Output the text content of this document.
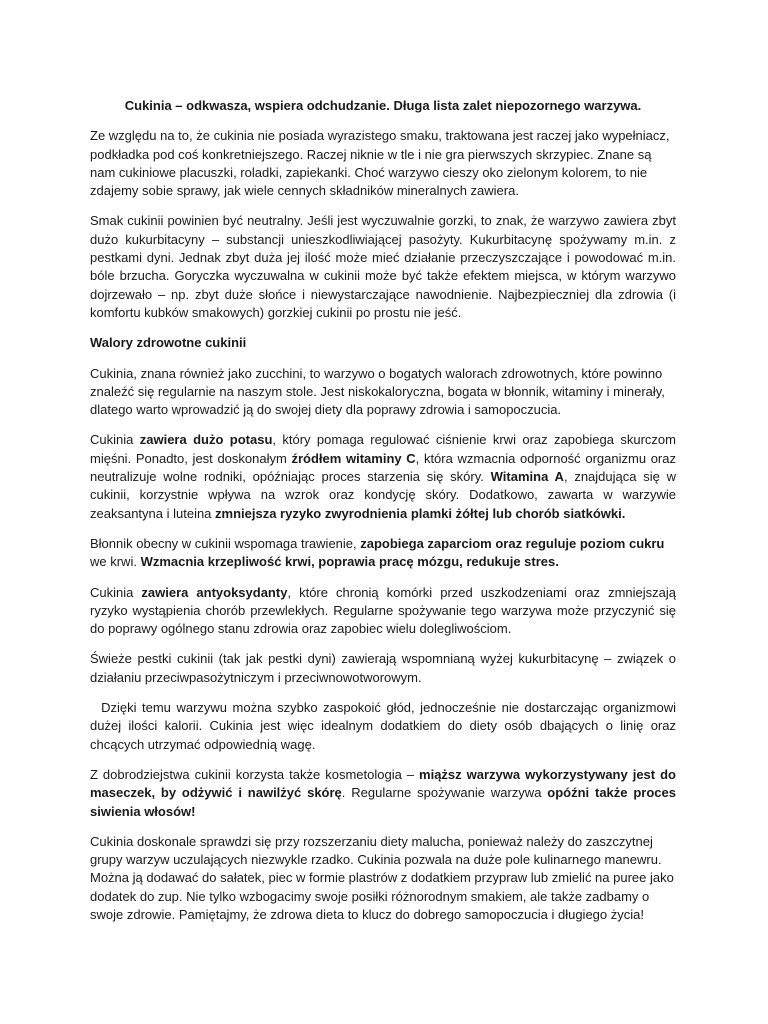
Cukinia – odkwasza, wspiera odchudzanie. Długa lista zalet niepozornego warzywa.

Ze względu na to, że cukinia nie posiada wyrazistego smaku, traktowana jest raczej jako wypełniacz, podkładka pod coś konkretniejszego. Raczej niknie w tle i nie gra pierwszych skrzypiec. Znane są nam cukiniowe placuszki, roladki, zapiekanki. Choć warzywo cieszy oko zielonym kolorem, to nie zdajemy sobie sprawy, jak wiele cennych składników mineralnych zawiera.

Smak cukinii powinien być neutralny. Jeśli jest wyczuwalnie gorzki, to znak, że warzywo zawiera zbyt dużo kukurbitacyny – substancji unieszkodliwiającej pasożyty. Kukurbitacynę spożywamy m.in. z pestkami dyni. Jednak zbyt duża jej ilość może mieć działanie przeczyszczające i powodować m.in. bóle brzucha. Goryczka wyczuwalna w cukinii może być także efektem miejsca, w którym warzywo dojrzewało – np. zbyt duże słońce i niewystarczające nawodnienie. Najbezpieczniej dla zdrowia (i komfortu kubków smakowych) gorzkiej cukinii po prostu nie jeść.

Walory zdrowotne cukinii

Cukinia, znana również jako zucchini, to warzywo o bogatych walorach zdrowotnych, które powinno znaleźć się regularnie na naszym stole. Jest niskokaloryczna, bogata w błonnik, witaminy i minerały, dlatego warto wprowadzić ją do swojej diety dla poprawy zdrowia i samopoczucia.

Cukinia zawiera dużo potasu, który pomaga regulować ciśnienie krwi oraz zapobiega skurczom mięśni. Ponadto, jest doskonałym źródłem witaminy C, która wzmacnia odporność organizmu oraz neutralizuje wolne rodniki, opóźniając proces starzenia się skóry. Witamina A, znajdująca się w cukinii, korzystnie wpływa na wzrok oraz kondycję skóry. Dodatkowo, zawarta w warzywie zeaksantyna i luteina zmniejsza ryzyko zwyrodnienia plamki żółtej lub chorób siatkówki.

Błonnik obecny w cukinii wspomaga trawienie, zapobiega zaparciom oraz reguluje poziom cukru we krwi. Wzmacnia krzepliwość krwi, poprawia pracę mózgu, redukuje stres.

Cukinia zawiera antyoksydanty, które chronią komórki przed uszkodzeniami oraz zmniejszają ryzyko wystąpienia chorób przewlekłych. Regularne spożywanie tego warzywa może przyczynić się do poprawy ogólnego stanu zdrowia oraz zapobiec wielu dolegliwościom.

Świeże pestki cukinii (tak jak pestki dyni) zawierają wspomnianą wyżej kukurbitacynę – związek o działaniu przeciwpasożytniczym i przeciwnowotworowym.

Dzięki temu warzywu można szybko zaspokoić głód, jednocześnie nie dostarczając organizmowi dużej ilości kalorii. Cukinia jest więc idealnym dodatkiem do diety osób dbających o linię oraz chcących utrzymać odpowiednią wagę.

Z dobrodziejstwa cukinii korzysta także kosmetologia – miąższ warzywa wykorzystywany jest do maseczek, by odżywić i nawilżyć skórę. Regularne spożywanie warzywa opóźni także proces siwienia włosów!

Cukinia doskonale sprawdzi się przy rozszerzaniu diety malucha, ponieważ należy do zaszczytnej grupy warzyw uczulających niezwykle rzadko. Cukinia pozwala na duże pole kulinarnego manewru. Można ją dodawać do sałatek, piec w formie plastrów z dodatkiem przypraw lub zmielić na puree jako dodatek do zup. Nie tylko wzbogacimy swoje posiłki różnorodnym smakiem, ale także zadbamy o swoje zdrowie. Pamiętajmy, że zdrowa dieta to klucz do dobrego samopoczucia i długiego życia!
